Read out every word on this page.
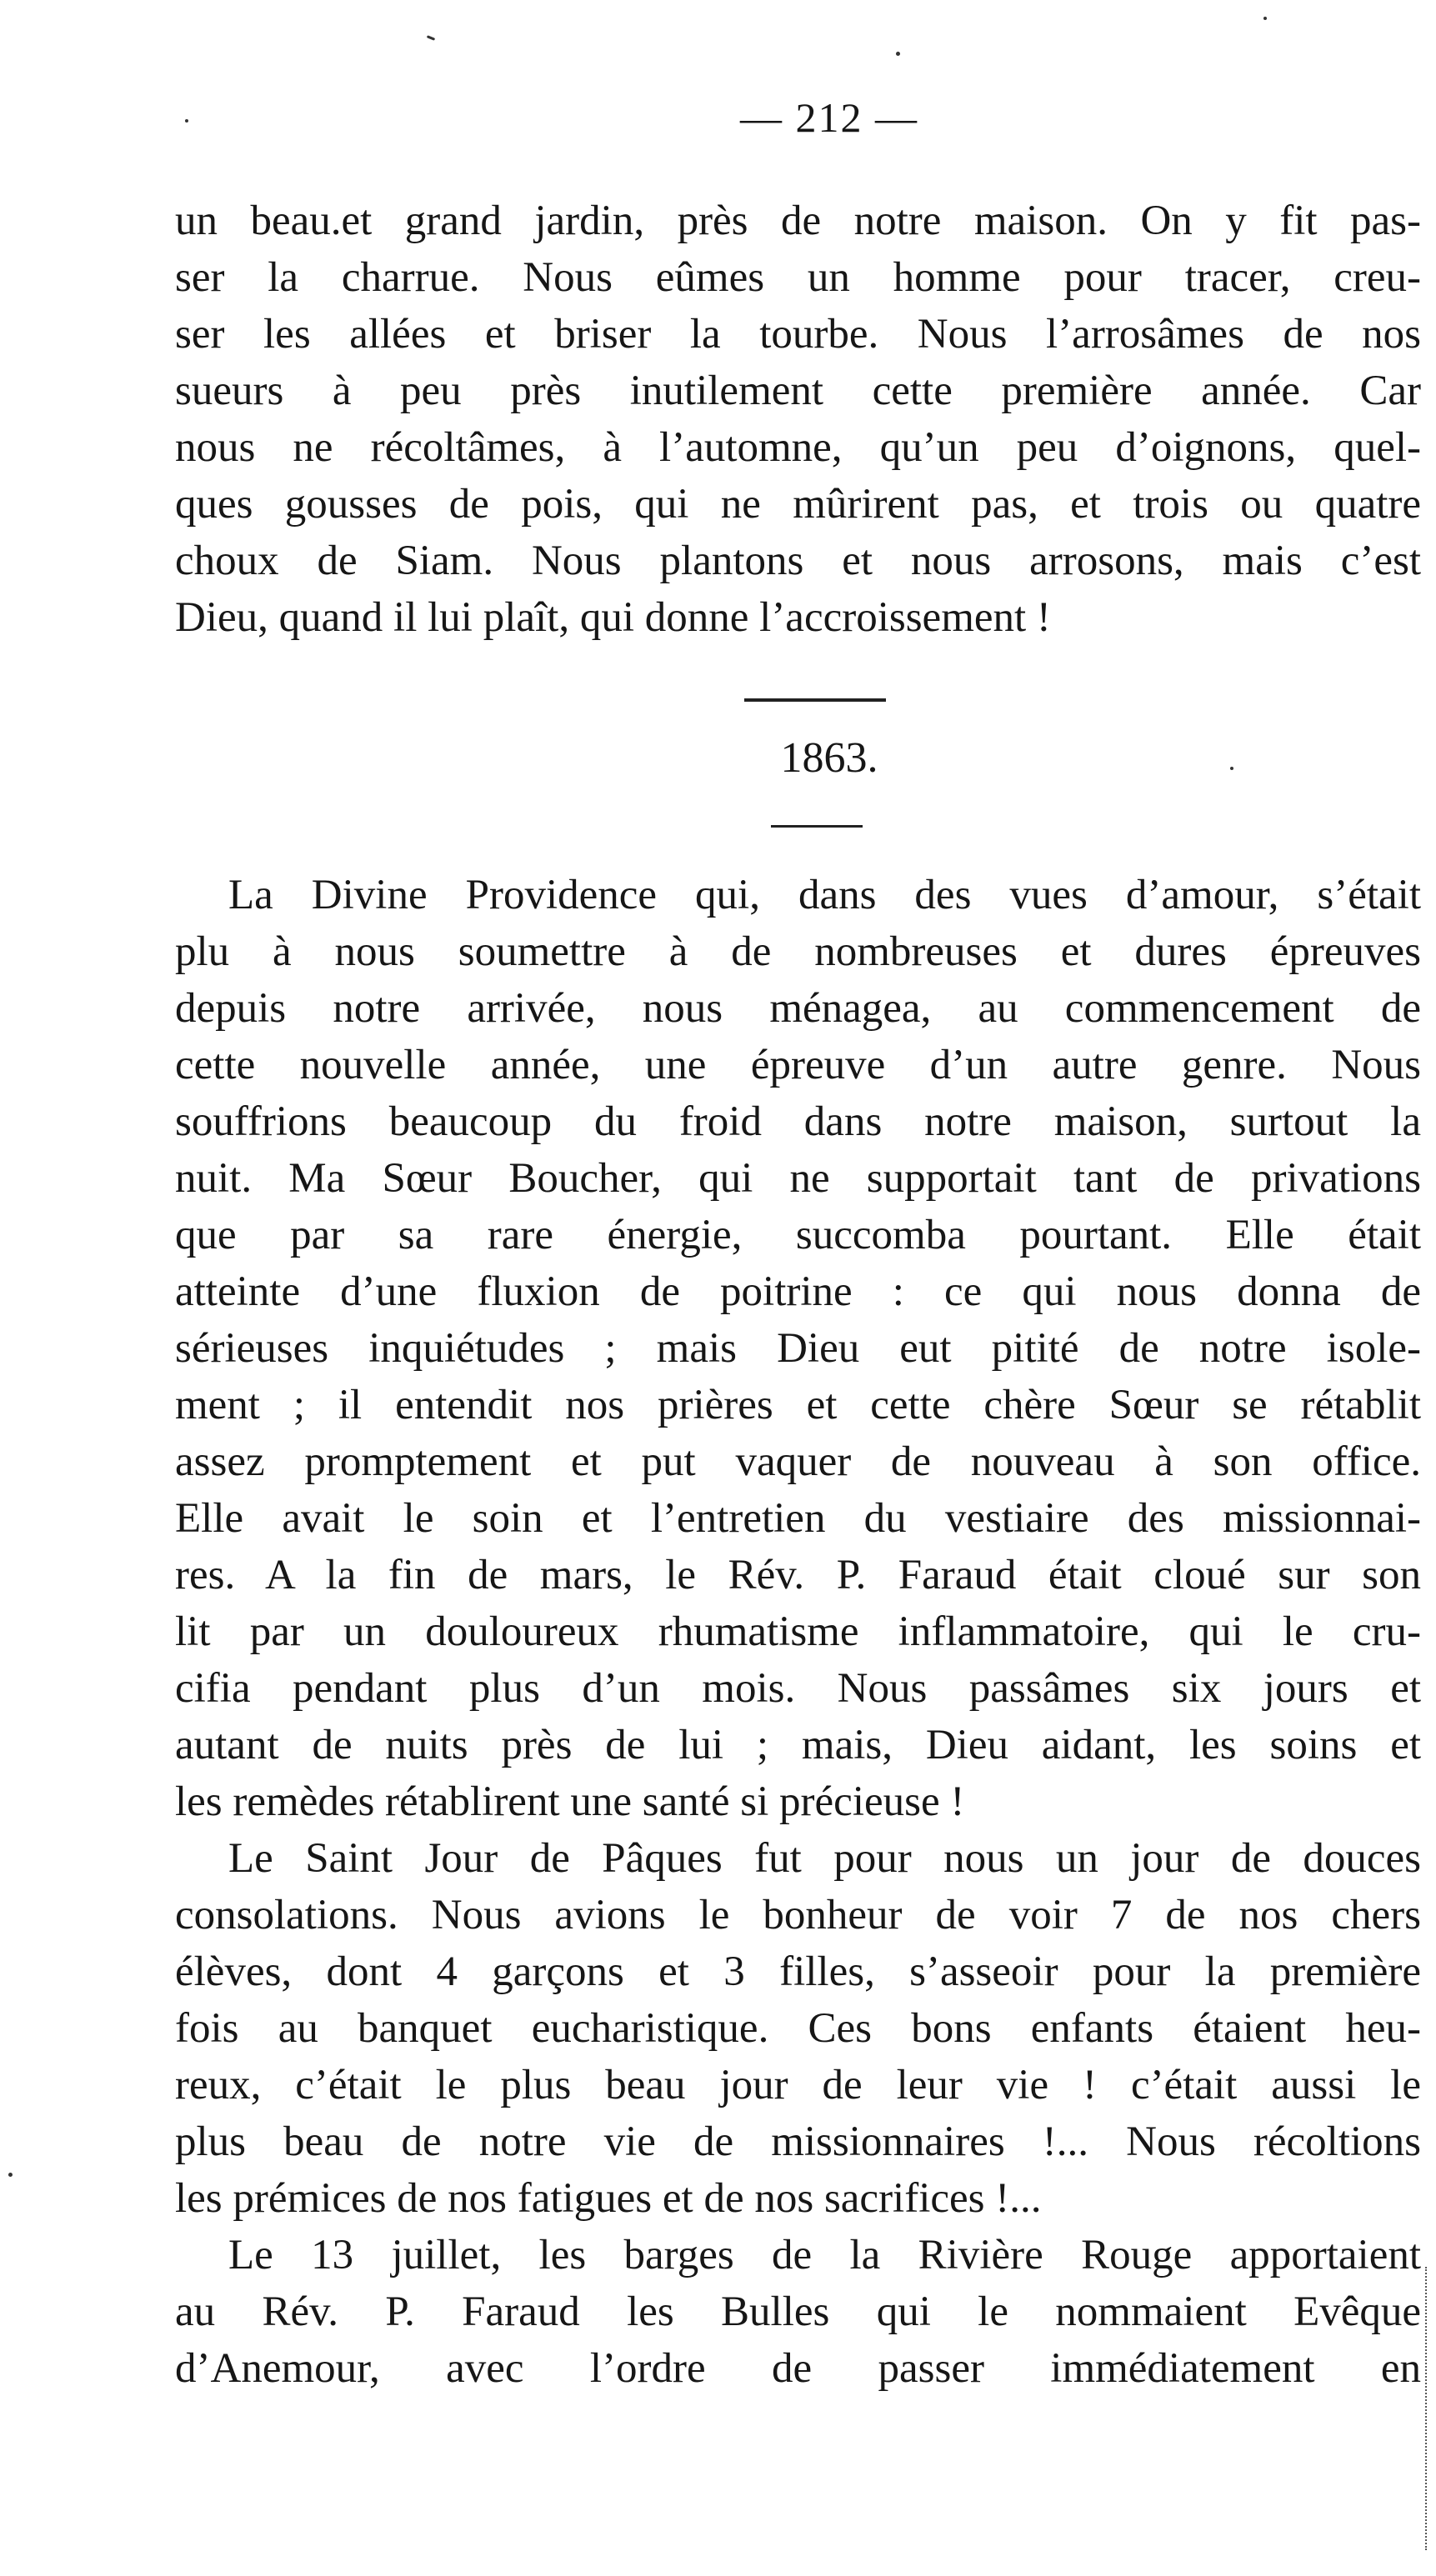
— 212 —
un beau.et grand jardin, près de notre maison. On y fit pas-
ser la charrue. Nous eûmes un homme pour tracer, creu-
ser les allées et briser la tourbe. Nous l’arrosâmes de nos
sueurs à peu près inutilement cette première année. Car
nous ne récoltâmes, à l’automne, qu’un peu d’oignons, quel-
ques gousses de pois, qui ne mûrirent pas, et trois ou quatre
choux de Siam. Nous plantons et nous arrosons, mais c’est
Dieu, quand il lui plaît, qui donne l’accroissement !
1863.
La Divine Providence qui, dans des vues d’amour, s’était
plu à nous soumettre à de nombreuses et dures épreuves
depuis notre arrivée, nous ménagea, au commencement de
cette nouvelle année, une épreuve d’un autre genre. Nous
souffrions beaucoup du froid dans notre maison, surtout la
nuit. Ma Sœur Boucher, qui ne supportait tant de privations
que par sa rare énergie, succomba pourtant. Elle était
atteinte d’une fluxion de poitrine : ce qui nous donna de
sérieuses inquiétudes ; mais Dieu eut pitité de notre isole-
ment ; il entendit nos prières et cette chère Sœur se rétablit
assez promptement et put vaquer de nouveau à son office.
Elle avait le soin et l’entretien du vestiaire des missionnai-
res. A la fin de mars, le Rév. P. Faraud était cloué sur son
lit par un douloureux rhumatisme inflammatoire, qui le cru-
cifia pendant plus d’un mois. Nous passâmes six jours et
autant de nuits près de lui ; mais, Dieu aidant, les soins et
les remèdes rétablirent une santé si précieuse !
Le Saint Jour de Pâques fut pour nous un jour de douces
consolations. Nous avions le bonheur de voir 7 de nos chers
élèves, dont 4 garçons et 3 filles, s’asseoir pour la première
fois au banquet eucharistique. Ces bons enfants étaient heu-
reux, c’était le plus beau jour de leur vie ! c’était aussi le
plus beau de notre vie de missionnaires !... Nous récoltions
les prémices de nos fatigues et de nos sacrifices !...
Le 13 juillet, les barges de la Rivière Rouge apportaient
au Rév. P. Faraud les Bulles qui le nommaient Evêque
d’Anemour, avec l’ordre de passer immédiatement en
